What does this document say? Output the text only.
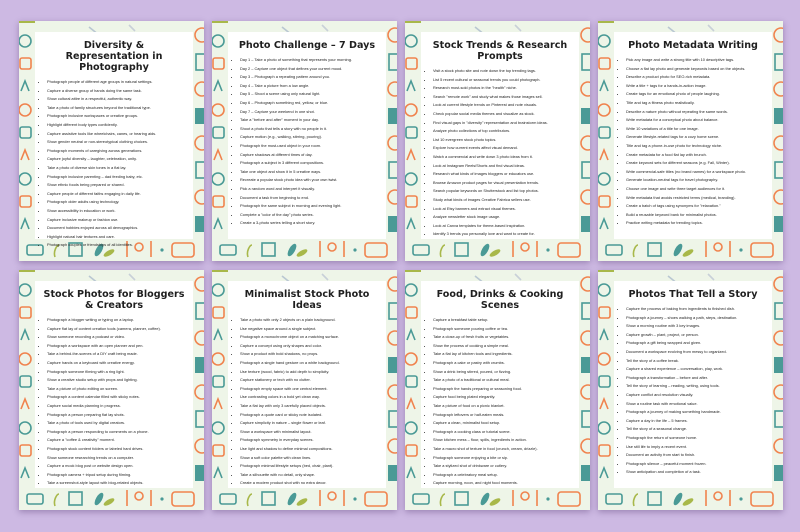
Diversity & Representation in Photography
• Photograph people of different age groups in natural settings.
• Capture a diverse group of hands doing the same task.
• Show cultural attire in a respectful, authentic way.
• Take a photo of family structures beyond the traditional type.
• Photograph inclusive workspaces or creative groups.
• Highlight different body types confidently.
• Capture assistive tools like wheelchairs, canes, or hearing aids.
• Show gender neutral or non-stereotypical clothing choices.
• Photograph moments of caregiving across generations.
• Capture joyful diversity – laughter, celebration, unity.
• Take a photo of diverse skin tones in a flat lay.
• Photograph inclusive parenting – dad feeding baby, etc.
• Show ethnic foods being prepared or shared.
• Capture people of different faiths engaging in daily life.
• Photograph older adults using technology.
• Show accessibility in education or work.
• Capture inclusive makeup or fashion use.
• Document hobbies enjoyed across all demographics.
• Highlight natural hair textures and care.
• Photograph couples or friendships of all identities.
Photo Challenge – 7 Days
• Day 1 – Take a photo of something that represents your morning.
• Day 2 – Capture one object that defines your current mood.
• Day 3 – Photograph a repeating pattern around you.
• Day 4 – Take a picture from a low angle.
• Day 5 – Shoot a scene using only natural light.
• Day 6 – Photograph something red, yellow, or blue.
• Day 7 – Capture your weekend in one shot.
• Take a "before and after" moment in your day.
• Shoot a photo that tells a story with no people in it.
• Capture motion (e.g., walking, stirring, pouring).
• Photograph the most-used object in your room.
• Capture shadows at different times of day.
• Photograph a subject in 3 different compositions.
• Take one object and show it in 5 creative ways.
• Recreate a popular stock photo idea with your own twist.
• Pick a random word and interpret it visually.
• Document a task from beginning to end.
• Photograph the same subject in morning and evening light.
• Complete a "color of the day" photo series.
• Create a 3-photo series telling a short story.
Stock Trends & Research Prompts
• Visit a stock photo site and note down the top trending tags.
• List 5 recent cultural or seasonal trends you could photograph.
• Research most-sold photos in the "health" niche.
• Search "remote work" and study what makes those images sell.
• Look at current lifestyle trends on Pinterest and note visuals.
• Check popular social media themes and visualize as stock.
• Find visual gaps in "diversity" representation and brainstorm ideas.
• Analyze photo collections of top contributors.
• List 10 evergreen stock photo topics.
• Explore how current events affect visual demand.
• Watch a commercial and write down 3 photo ideas from it.
• Look at Instagram Reels/Shorts and find visual ideas.
• Research what kinds of images bloggers or educators use.
• Browse Amazon product pages for visual presentation trends.
• Search popular keywords on Shutterstock and list top photos.
• Study what kinds of images Creative Fabrica sellers use.
• Look at Etsy banners and extract visual themes.
• Analyze newsletter stock image usage.
• Look at Canva templates for theme-based inspiration.
• Identify 3 trends you personally love and want to create for.
Photo Metadata Writing
• Pick any image and write a strong title with 10 descriptive tags.
• Choose a flat lay photo and generate keywords based on the objects.
• Describe a product photo for SEO-rich metadata.
• Write a title + tags for a hands-in-action image.
• Create tags for an emotional photo of people laughing.
• Title and tag a fitness photo realistically.
• Describe a nature photo without repeating the same words.
• Write metadata for a conceptual photo about balance.
• Write 10 variations of a title for one image.
• Generate lifestyle-related tags for a cozy home scene.
• Title and tag a phone-in-use photo for technology niche.
• Create metadata for a food flat lay with brunch.
• Create keyword sets for different seasons (e.g. Fall, Winter).
• Write commercial-safe titles (no brand names) for a workspace photo.
• Generate location-neutral tags for travel photography.
• Choose one image and write three target audiences for it.
• Write metadata that avoids restricted terms (medical, branding).
• Create a batch of tags using synonyms for "relaxation."
• Build a reusable keyword bank for minimalist photos.
• Practice writing metadata for trending topics.
Stock Photos for Bloggers & Creators
• Photograph a blogger writing or typing on a laptop.
• Capture flat lay of content creation tools (camera, planner, coffee).
• Show someone recording a podcast or video.
• Photograph a workspace with an open planner and pen.
• Take a behind-the-scenes of a DIY craft being made.
• Capture hands on a keyboard with creative energy.
• Photograph someone filming with a ring light.
• Show a creative studio setup with props and lighting.
• Take a picture of photo editing on screen.
• Photograph a content calendar filled with sticky notes.
• Capture social media planning in progress.
• Photograph a person preparing flat lay shots.
• Take a photo of tools used by digital creators.
• Photograph a person responding to comments on a phone.
• Capture a "coffee & creativity" moment.
• Photograph stock content folders or labeled hard drives.
• Show someone researching trends on a computer.
• Capture a mock blog post or website design open.
• Photograph camera + tripod setup during filming.
• Take a screenshot-style layout with blog-related objects.
Minimalist Stock Photo Ideas
• Take a photo with only 2 objects on a plain background.
• Use negative space around a single subject.
• Photograph a monochrome object on a matching surface.
• Capture a concept using only shapes and color.
• Show a product with bold shadows, no props.
• Photograph a single hand gesture on a white background.
• Use texture (wood, fabric) to add depth to simplicity.
• Capture stationery or tech with no clutter.
• Photograph empty space with one central element.
• Use contrasting colors in a bold yet clean way.
• Take a flat lay with only 3 carefully placed objects.
• Photograph a quote card or sticky note isolated.
• Capture simplicity in nature – single flower or leaf.
• Show a workspace with minimalist layout.
• Photograph symmetry in everyday scenes.
• Use light and shadow to define minimal compositions.
• Show a soft color palette with clean lines.
• Photograph minimal lifestyle setups (bed, chair, plant).
• Take a silhouette with no detail, only shape.
• Create a modern product shot with no extra decor.
Food, Drinks & Cooking Scenes
• Capture a breakfast table setup.
• Photograph someone pouring coffee or tea.
• Take a close-up of fresh fruits or vegetables.
• Show the process of cooking a simple meal.
• Take a flat lay of kitchen tools and ingredients.
• Photograph a cake or pastry with crumbs.
• Show a drink being stirred, poured, or fizzing.
• Take a photo of a traditional or cultural meal.
• Photograph the hands preparing or seasoning food.
• Capture food being plated elegantly.
• Take a picture of food on a picnic blanket.
• Photograph leftovers or half-eaten meals.
• Capture a clean, minimalist food setup.
• Photograph a cooking class or tutorial scene.
• Show kitchen mess – flour, spills, ingredients in action.
• Take a macro shot of texture in food (crunch, cream, drizzle).
• Photograph someone enjoying a bite or sip.
• Take a stylized shot of drinkware or cutlery.
• Photograph a celebratory meal setup.
• Capture morning, noon, and night food moments.
Photos That Tell a Story
• Capture the process of baking from ingredients to finished dish.
• Photograph a journey – shoes walking a path, steps, destination.
• Show a morning routine with 3 key images.
• Capture growth – plant, project, or person.
• Photograph a gift being wrapped and given.
• Document a workspace evolving from messy to organized.
• Tell the story of a coffee break.
• Capture a shared experience – conversation, play, work.
• Photograph a transformation – before and after.
• Tell the story of learning – reading, writing, using tools.
• Capture conflict and resolution visually.
• Show a routine task with emotional value.
• Photograph a journey of making something handmade.
• Capture a day in the life – 5 frames.
• Tell the story of a seasonal change.
• Photograph the return of someone home.
• Use still life to imply a recent event.
• Document an activity from start to finish.
• Photograph silence – peaceful moment frozen.
• Show anticipation and completion of a task.
